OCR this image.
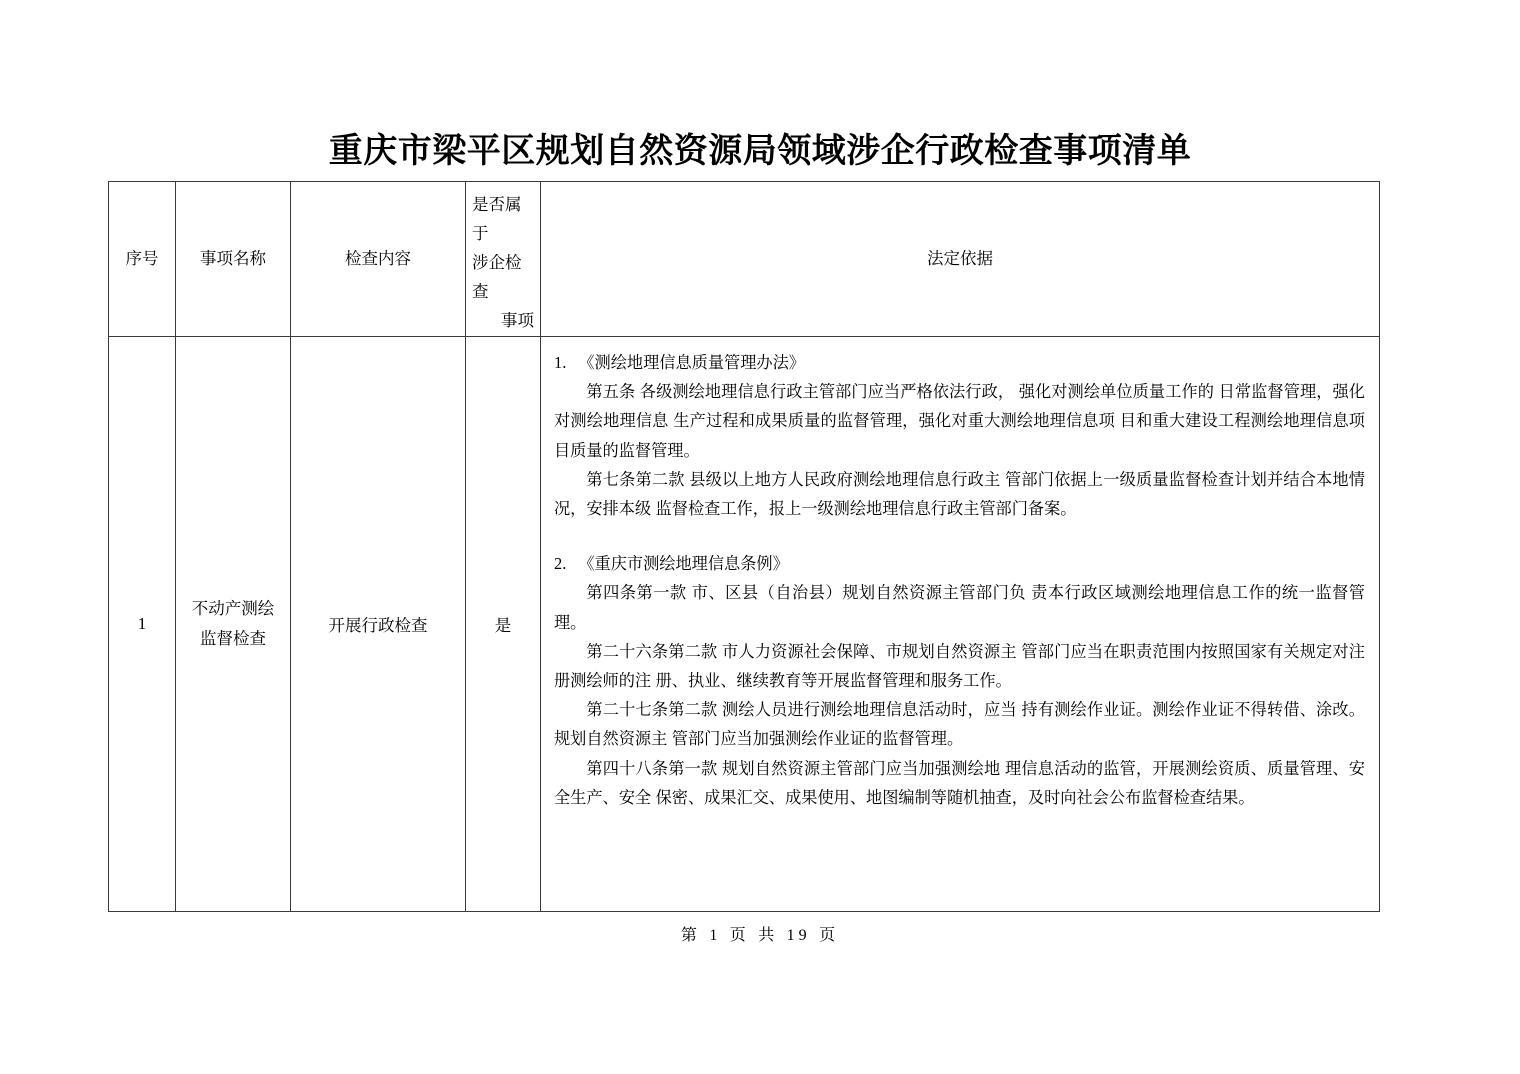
重庆市梁平区规划自然资源局领域涉企行政检查事项清单
序号	事项名称	检查内容	是否属
于
涉企检
查
事项	法定依据
1	不动产测绘监督检查	开展行政检查	是	

1. 《测绘地理信息质量管理办法》

第五条 各级测绘地理信息行政主管部门应当严格依法行政， 强化对测绘单位质量工作的 日常监督管理，强化对测绘地理信息 生产过程和成果质量的监督管理，强化对重大测绘地理信息项 目和重大建设工程测绘地理信息项目质量的监督管理。

第七条第二款 县级以上地方人民政府测绘地理信息行政主 管部门依据上一级质量监督检查计划并结合本地情况，安排本级 监督检查工作，报上一级测绘地理信息行政主管部门备案。

2. 《重庆市测绘地理信息条例》

第四条第一款 市、区县（自治县）规划自然资源主管部门负 责本行政区域测绘地理信息工作的统一监督管理。

第二十六条第二款 市人力资源社会保障、市规划自然资源主 管部门应当在职责范围内按照国家有关规定对注册测绘师的注 册、执业、继续教育等开展监督管理和服务工作。

第二十七条第二款 测绘人员进行测绘地理信息活动时，应当 持有测绘作业证。测绘作业证不得转借、涂改。规划自然资源主 管部门应当加强测绘作业证的监督管理。

第四十八条第一款 规划自然资源主管部门应当加强测绘地 理信息活动的监管，开展测绘资质、质量管理、安全生产、安全 保密、成果汇交、成果使用、地图编制等随机抽查，及时向社会公布监督检查结果。

第 1 页 共 19 页
